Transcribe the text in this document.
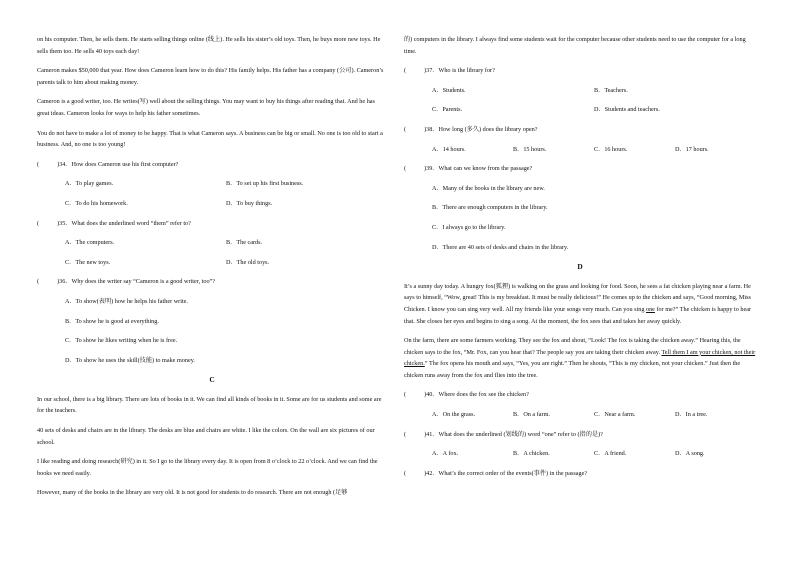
on his computer. Then, he sells them. He starts selling things online (线上). He sells his sister’s old toys. Then, he buys more new toys. He sells them too. He sells 40 toys each day!

Cameron makes $50,000 that year. How does Cameron learn how to do this? His family helps. His father has a company (公司). Cameron’s parents talk to him about making money.

Cameron is a good writer, too. He writes(写) well about the selling things. You may want to buy his things after reading that. And he has great ideas. Cameron looks for ways to help his father sometimes.

You do not have to make a lot of money to be happy. That is what Cameron says. A business can be big or small. No one is too old to start a business. And, no one is too young!

(	)34．How does Cameron use his first computer?
A．To play games.	B．To set up his first business.
C．To do his homework.	D．To buy things.
(	)35．What does the underlined word “them” refer to?
A．The computers.	B．The cards.
C．The new toys.	D．The old toys.
(	)36．Why does the writer say “Cameron is a good writer, too”?
A．To show(表明) how he helps his father write.
B．To show he is good at everything.
C．To show he likes writing when he is free.
D．To show he uses the skill(技能) to make money.
C

In our school, there is a big library. There are lots of books in it. We can find all kinds of books in it. Some are for us students and some are for the teachers.

40 sets of desks and chairs are in the library. The desks are blue and chairs are white. I like the colors. On the wall are six pictures of our school.

I like reading and doing research(研究) in it. So I go to the library every day. It is open from 8 o’clock to 22 o’clock. And we can find the books we need easily.

However, many of the books in the library are very old. It is not good for students to do research. There are not enough (足够

的) computers in the library. I always find some students wait for the computer because other students need to use the computer for a long time.

(	)37．Who is the library for?
A．Students.	B．Teachers.
C．Parents.	D．Students and teachers.
(	)38．How long (多久) does the library open?
A．14 hours.	B．15 hours.	C．16 hours.	D．17 hours.
(	)39．What can we know from the passage?
A．Many of the books in the library are new.
B．There are enough computers in the library.
C．I always go to the library.
D．There are 40 sets of desks and chairs in the library.
D

It’s a sunny day today. A hungry fox(狐狸) is walking on the grass and looking for food. Soon, he sees a fat chicken playing near a farm. He says to himself, “Wow, great! This is my breakfast. It must be really delicious!” He comes up to the chicken and says, “Good morning, Miss Chicken. I know you can sing very well. All my friends like your songs very much. Can you sing one for me?” The chicken is happy to hear that. She closes her eyes and begins to sing a song. At the moment, the fox sees that and takes her away quickly.

On the farm, there are some farmers working. They see the fox and shout, “Look! The fox is taking the chicken away.” Hearing this, the chicken says to the fox, “Mr. Fox, can you hear that? The people say you are taking their chicken away. Tell them I am your chicken, not their chicken.” The fox opens his mouth and says, “Yes, you are right.” Then he shouts, “This is my chicken, not your chicken.” Just then the chicken runs away from the fox and flies into the tree.

(	)40．Where does the fox see the chicken?
A．On the grass.	B．On a farm.	C．Near a farm.	D．In a tree.
(	)41．What does the underlined (划线的) word “one” refer to (指的是)?
A．A fox.	B．A chicken.	C．A friend.	D．A song.
(	)42．What’s the correct order of the events(事件) in the passage?
